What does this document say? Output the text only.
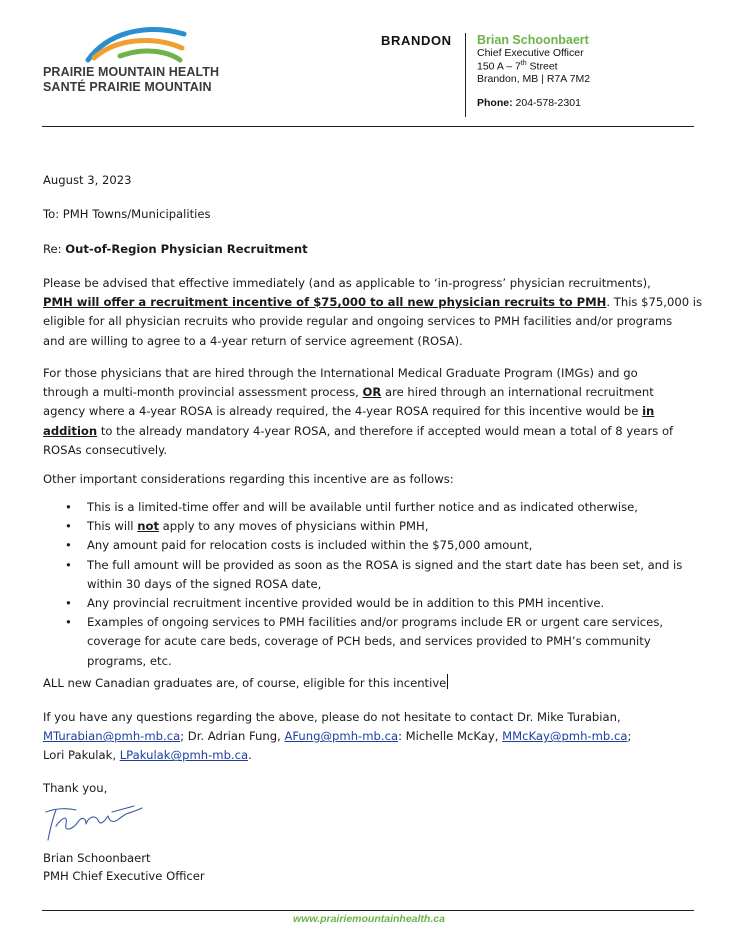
PRAIRIE MOUNTAIN HEALTH
SANTÉ PRAIRIE MOUNTAIN
BRANDON Brian Schoonbaert
Chief Executive Officer
150 A – 7th Street
Brandon, MB | R7A 7M2
Phone: 204-578-2301
August 3, 2023
To: PMH Towns/Municipalities
Re: Out-of-Region Physician Recruitment
Please be advised that effective immediately (and as applicable to ‘in-progress’ physician recruitments),
PMH will offer a recruitment incentive of $75,000 to all new physician recruits to PMH. This $75,000 is
eligible for all physician recruits who provide regular and ongoing services to PMH facilities and/or programs
and are willing to agree to a 4-year return of service agreement (ROSA).
For those physicians that are hired through the International Medical Graduate Program (IMGs) and go
through a multi-month provincial assessment process, OR are hired through an international recruitment
agency where a 4-year ROSA is already required, the 4-year ROSA required for this incentive would be in
addition to the already mandatory 4-year ROSA, and therefore if accepted would mean a total of 8 years of
ROSAs consecutively.
Other important considerations regarding this incentive are as follows:
• This is a limited-time offer and will be available until further notice and as indicated otherwise,
• This will not apply to any moves of physicians within PMH,
• Any amount paid for relocation costs is included within the $75,000 amount,
• The full amount will be provided as soon as the ROSA is signed and the start date has been set, and is
within 30 days of the signed ROSA date,
• Any provincial recruitment incentive provided would be in addition to this PMH incentive.
• Examples of ongoing services to PMH facilities and/or programs include ER or urgent care services,
coverage for acute care beds, coverage of PCH beds, and services provided to PMH’s community
programs, etc.
ALL new Canadian graduates are, of course, eligible for this incentive
If you have any questions regarding the above, please do not hesitate to contact Dr. Mike Turabian,
MTurabian@pmh-mb.ca; Dr. Adrian Fung, AFung@pmh-mb.ca: Michelle McKay, MMcKay@pmh-mb.ca;
Lori Pakulak, LPakulak@pmh-mb.ca.
Thank you,
Brian Schoonbaert
PMH Chief Executive Officer
www.prairiemountainhealth.ca
